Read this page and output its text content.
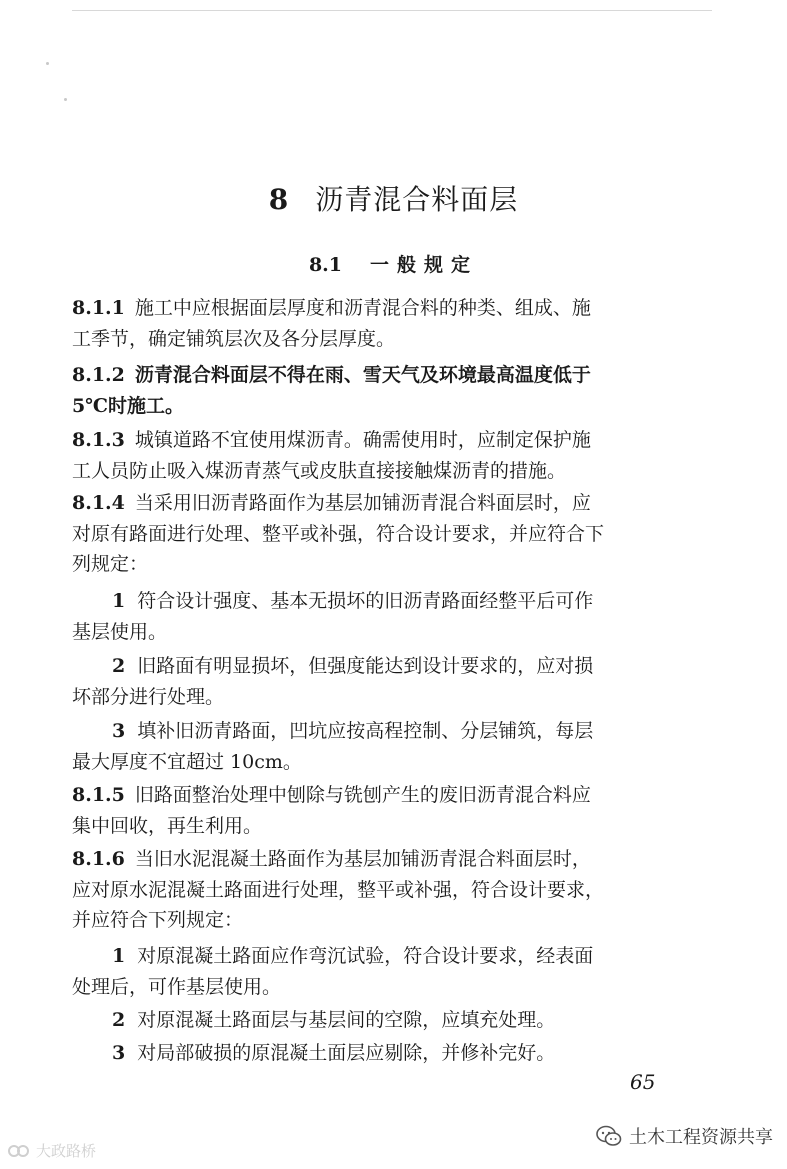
8 沥青混合料面层
8.1 一般规定
8.1.1 施工中应根据面层厚度和沥青混合料的种类、组成、施
工季节，确定铺筑层次及各分层厚度。
8.1.2 沥青混合料面层不得在雨、雪天气及环境最高温度低于
5℃时施工。
8.1.3 城镇道路不宜使用煤沥青。确需使用时，应制定保护施
工人员防止吸入煤沥青蒸气或皮肤直接接触煤沥青的措施。
8.1.4 当采用旧沥青路面作为基层加铺沥青混合料面层时，应
对原有路面进行处理、整平或补强，符合设计要求，并应符合下
列规定：
1 符合设计强度、基本无损坏的旧沥青路面经整平后可作
基层使用。
2 旧路面有明显损坏，但强度能达到设计要求的，应对损
坏部分进行处理。
3 填补旧沥青路面，凹坑应按高程控制、分层铺筑，每层
最大厚度不宜超过 10cm。
8.1.5 旧路面整治处理中刨除与铣刨产生的废旧沥青混合料应
集中回收，再生利用。
8.1.6 当旧水泥混凝土路面作为基层加铺沥青混合料面层时，
应对原水泥混凝土路面进行处理，整平或补强，符合设计要求，
并应符合下列规定：
1 对原混凝土路面应作弯沉试验，符合设计要求，经表面
处理后，可作基层使用。
2 对原混凝土路面层与基层间的空隙，应填充处理。
3 对局部破损的原混凝土面层应剔除，并修补完好。
65
大政路桥
土木工程资源共享
